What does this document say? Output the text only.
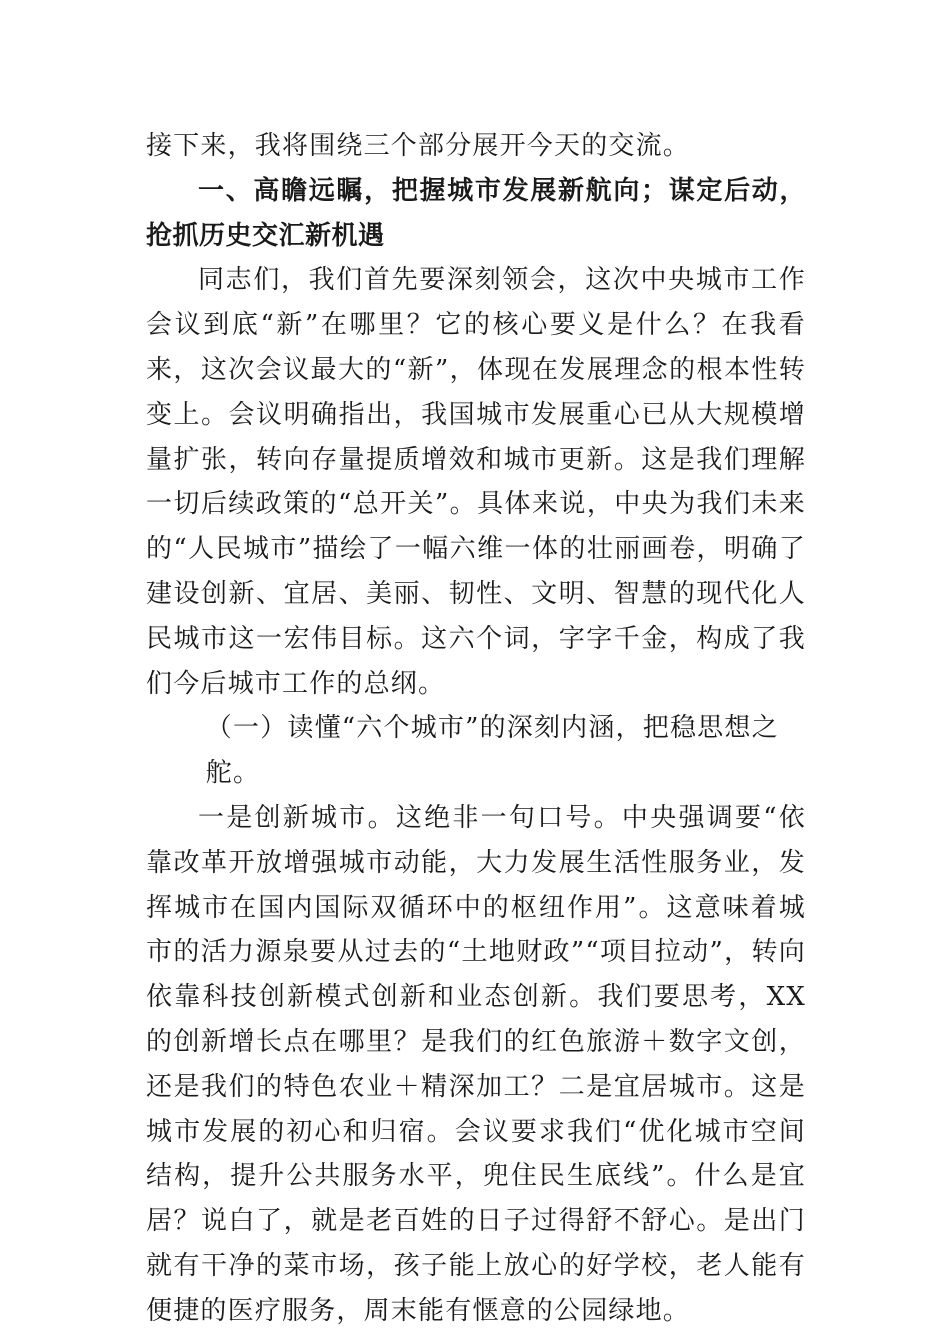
接下来，我将围绕三个部分展开今天的交流。

一、高瞻远瞩，把握城市发展新航向；谋定后动，抢抓历史交汇新机遇

同志们，我们首先要深刻领会，这次中央城市工作会议到底“新”在哪里？它的核心要义是什么？在我看来，这次会议最大的“新”，体现在发展理念的根本性转变上。会议明确指出，我国城市发展重心已从大规模增量扩张，转向存量提质增效和城市更新。这是我们理解一切后续政策的“总开关”。具体来说，中央为我们未来的“人民城市”描绘了一幅六维一体的壮丽画卷，明确了建设创新、宜居、美丽、韧性、文明、智慧的现代化人民城市这一宏伟目标。这六个词，字字千金，构成了我们今后城市工作的总纲。

（一）读懂“六个城市”的深刻内涵，把稳思想之舵。

一是创新城市。这绝非一句口号。中央强调要“依靠改革开放增强城市动能，大力发展生活性服务业，发挥城市在国内国际双循环中的枢纽作用”。这意味着城市的活力源泉要从过去的“土地财政”“项目拉动”，转向依靠科技创新模式创新和业态创新。我们要思考，XX的创新增长点在哪里？是我们的红色旅游＋数字文创，还是我们的特色农业＋精深加工？二是宜居城市。这是城市发展的初心和归宿。会议要求我们“优化城市空间结构，提升公共服务水平，兜住民生底线”。什么是宜居？说白了，就是老百姓的日子过得舒不舒心。是出门就有干净的菜市场，孩子能上放心的好学校，老人能有便捷的医疗服务，周末能有惬意的公园绿地。
